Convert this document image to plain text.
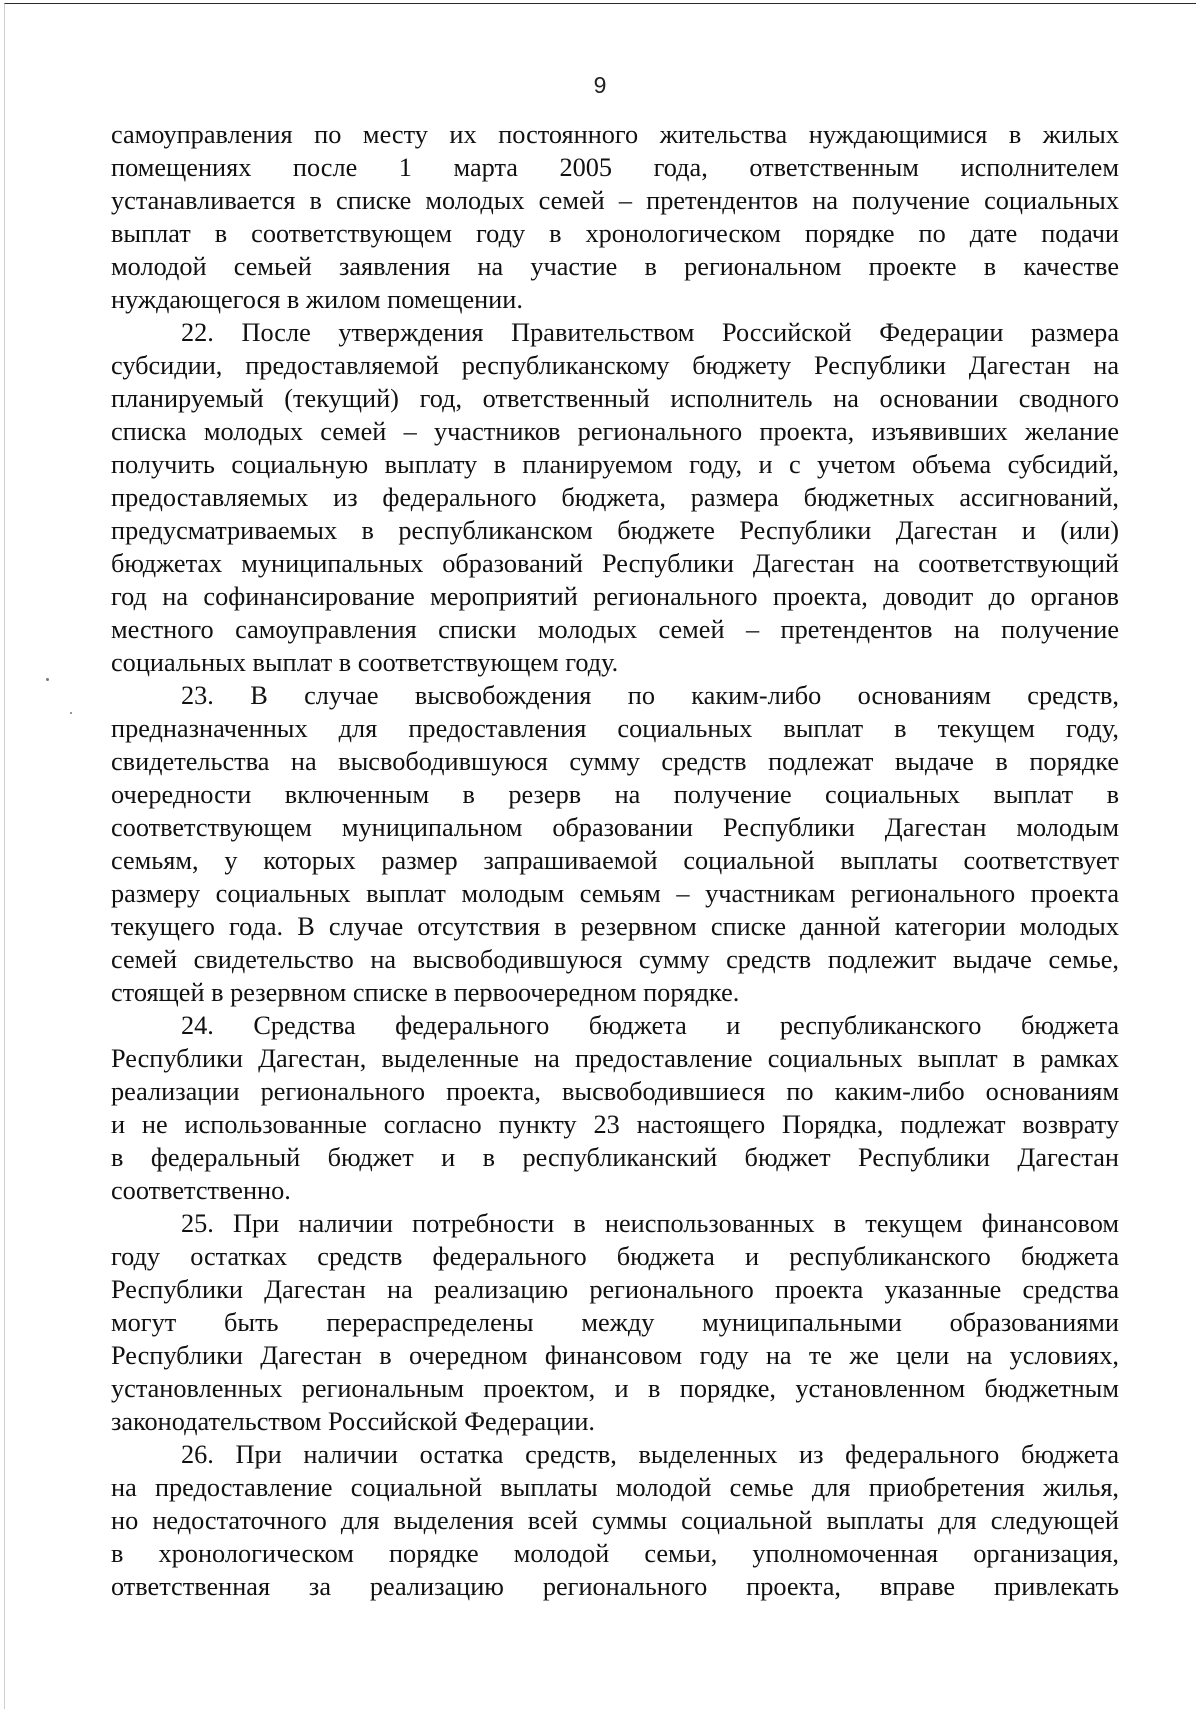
9
самоуправления по месту их постоянного жительства нуждающимися в жилых
помещениях после 1 марта 2005 года, ответственным исполнителем
устанавливается в списке молодых семей – претендентов на получение социальных
выплат в соответствующем году в хронологическом порядке по дате подачи
молодой семьей заявления на участие в региональном проекте в качестве
нуждающегося в жилом помещении.
22. После утверждения Правительством Российской Федерации размера
субсидии, предоставляемой республиканскому бюджету Республики Дагестан на
планируемый (текущий) год, ответственный исполнитель на основании сводного
списка молодых семей – участников регионального проекта, изъявивших желание
получить социальную выплату в планируемом году, и с учетом объема субсидий,
предоставляемых из федерального бюджета, размера бюджетных ассигнований,
предусматриваемых в республиканском бюджете Республики Дагестан и (или)
бюджетах муниципальных образований Республики Дагестан на соответствующий
год на софинансирование мероприятий регионального проекта, доводит до органов
местного самоуправления списки молодых семей – претендентов на получение
социальных выплат в соответствующем году.
23. В случае высвобождения по каким-либо основаниям средств,
предназначенных для предоставления социальных выплат в текущем году,
свидетельства на высвободившуюся сумму средств подлежат выдаче в порядке
очередности включенным в резерв на получение социальных выплат в
соответствующем муниципальном образовании Республики Дагестан молодым
семьям, у которых размер запрашиваемой социальной выплаты соответствует
размеру социальных выплат молодым семьям – участникам регионального проекта
текущего года. В случае отсутствия в резервном списке данной категории молодых
семей свидетельство на высвободившуюся сумму средств подлежит выдаче семье,
стоящей в резервном списке в первоочередном порядке.
24. Средства федерального бюджета и республиканского бюджета
Республики Дагестан, выделенные на предоставление социальных выплат в рамках
реализации регионального проекта, высвободившиеся по каким-либо основаниям
и не использованные согласно пункту 23 настоящего Порядка, подлежат возврату
в федеральный бюджет и в республиканский бюджет Республики Дагестан
соответственно.
25. При наличии потребности в неиспользованных в текущем финансовом
году остатках средств федерального бюджета и республиканского бюджета
Республики Дагестан на реализацию регионального проекта указанные средства
могут быть перераспределены между муниципальными образованиями
Республики Дагестан в очередном финансовом году на те же цели на условиях,
установленных региональным проектом, и в порядке, установленном бюджетным
законодательством Российской Федерации.
26. При наличии остатка средств, выделенных из федерального бюджета
на предоставление социальной выплаты молодой семье для приобретения жилья,
но недостаточного для выделения всей суммы социальной выплаты для следующей
в хронологическом порядке молодой семьи, уполномоченная организация,
ответственная за реализацию регионального проекта, вправе привлекать
